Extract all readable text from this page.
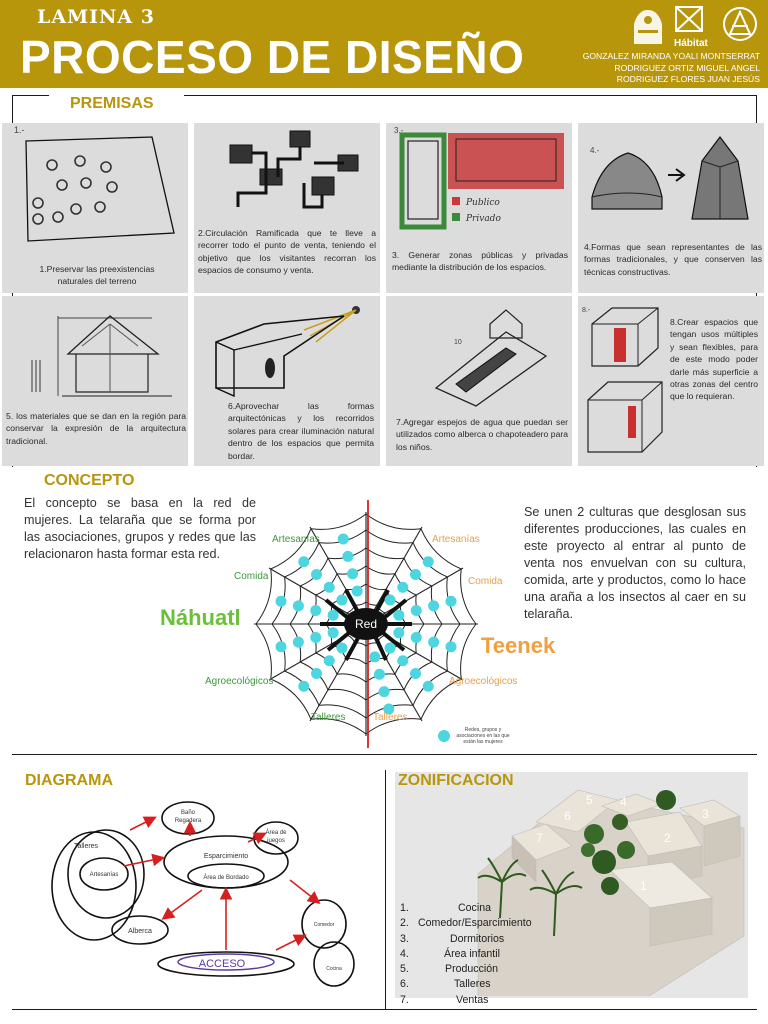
LAMINA 3
PROCESO DE DISEÑO	Hábitat
GONZALEZ MIRANDA YOALI MONTSERRAT
RODRIGUEZ ORTIZ MIGUEL ANGEL
RODRIGUEZ FLORES JUAN JESÚS
PREMISAS
1.-
1.Preservar las preexistencias naturales del terreno
2.Circulación Ramificada que te lleve a recorrer todo el punto de venta, teniendo el objetivo que los visitantes recorran los espacios de consumo y venta.
3.-
Publico
Privado
3. Generar zonas públicas y privadas mediante la distribución de los espacios.
4.-
4.Formas que sean representantes de las formas tradicionales, y que conserven las técnicas constructivas.
5. los materiales que se dan en la región para conservar la expresión de la arquitectura tradicional.
6.Aprovechar las formas arquitectónicas y los recorridos solares para crear iluminación natural dentro de los espacios que permita bordar.
10
7.Agregar espejos de agua que puedan ser utilizados como alberca o chapoteadero para los niños.
8.-
8.Crear espacios que tengan usos múltiples y sean flexibles, para de este modo poder darle más superficie a otras zonas del centro que lo requieran.
CONCEPTO
El concepto se basa en la red de mujeres. La telaraña que se forma por las asociaciones, grupos y redes que las relacionaron hasta formar esta red.
Se unen 2 culturas que desglosan sus diferentes producciones, las cuales en este proyecto al entrar al punto de venta nos envuelvan con su cultura, comida, arte y productos, como lo hace una araña a los insectos al caer en su telaraña.
Red
Artesanías
Comida
Agroecológicos
Talleres
Artesanías
Comida
Agroecológicos
Talleres
Náhuatl
Teenek
Redes, grupos y asociaciones en las que están las mujeres
DIAGRAMA
Baño
Regadera
Área de
juegos
Esparcimiento
Área de Bordado
Talleres
Artesanías
Alberca
Comedor
Cocina
ACCESO
ZONIFICACION
5 4
6	3
7	2
1
1.	Cocina
2. Comedor/Esparcimiento
3.	Dormitorios
4.	Área infantil
5.	Producción
6.	Talleres
7.	Ventas
